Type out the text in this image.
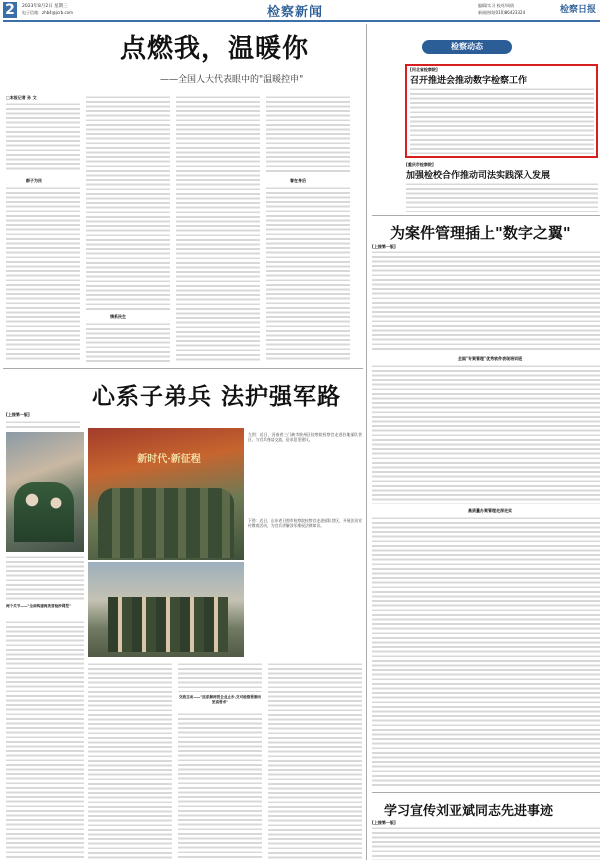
2	2023年8月2日 星期三
电子信箱：zhb4@jcrb.com	检察新闻	编辑/实习 校对/周倩
新闻热线(010)86423324	检察日报
点燃我，温暖你
——全国人大代表眼中的"温暖控申"
□本报记者 孙 文
群子为民
情系民生
春在身后
心系子弟兵 法护强军路
[上接第一版]
新时代·新征程
左图：近日，河南省三门峡市陕州区检察院检察官走进驻地部队营区，与官兵座谈交流，征求意见建议。
下图：近日，山东省日照市检察院检察官走进部队营区，开展法治宣传教育活动，为官兵讲解涉军维权法律知识。
两个关节——"全面构建两类普检涉网型"
交流互动——"医系解两普企业止步,交对检察要潮出更高要求"
检察动态
[河北省检察院]
召开推进会推动数字检察工作
[重庆市检察院]
加强检校合作推动司法实践深入发展
为案件管理插上"数字之翼"
[上接第一版]
全国"专案管理"优秀软件表现培训班
高质量办案管理走深走实
学习宣传刘亚斌同志先进事迹
[上接第一版]
